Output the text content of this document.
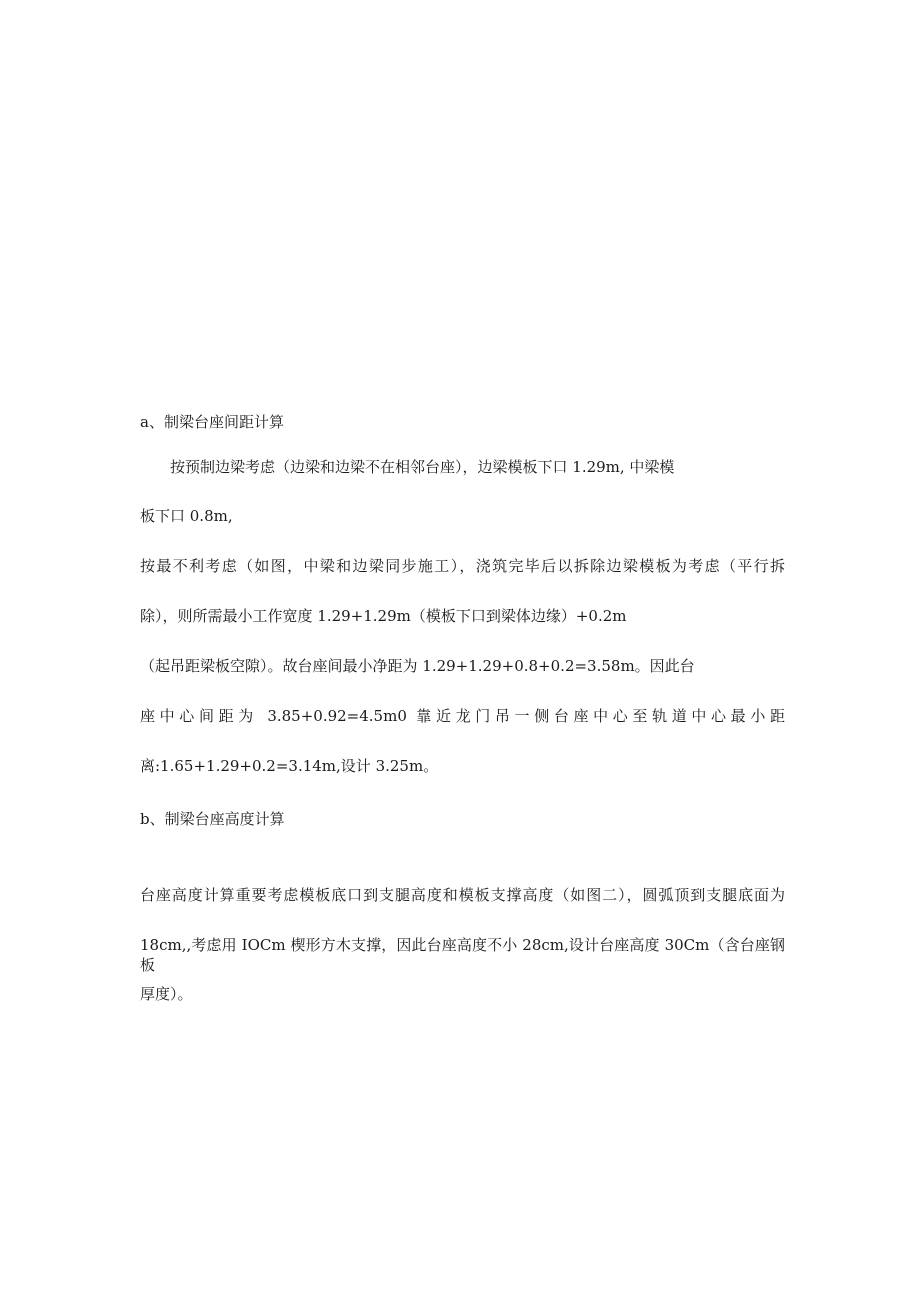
a、制梁台座间距计算
按预制边梁考虑（边梁和边梁不在相邻台座），边梁模板下口 1.29m, 中梁模
板下口 0.8m,
按最不利考虑（如图，中梁和边梁同步施工），浇筑完毕后以拆除边梁模板为考虑（平行拆
除），则所需最小工作宽度 1.29+1.29m（模板下口到梁体边缘）+0.2m
（起吊距梁板空隙）。故台座间最小净距为 1.29+1.29+0.8+0.2=3.58m。因此台
座中心间距为 3.85+0.92=4.5m0 靠近龙门吊一侧台座中心至轨道中心最小距
离:1.65+1.29+0.2=3.14m,设计 3.25m。
b、制梁台座高度计算
台座高度计算重要考虑模板底口到支腿高度和模板支撑高度（如图二），圆弧顶到支腿底面为
18cm,,考虑用 IOCm 楔形方木支撑，因此台座高度不小 28cm,设计台座高度 30Cm（含台座钢板
厚度）。
